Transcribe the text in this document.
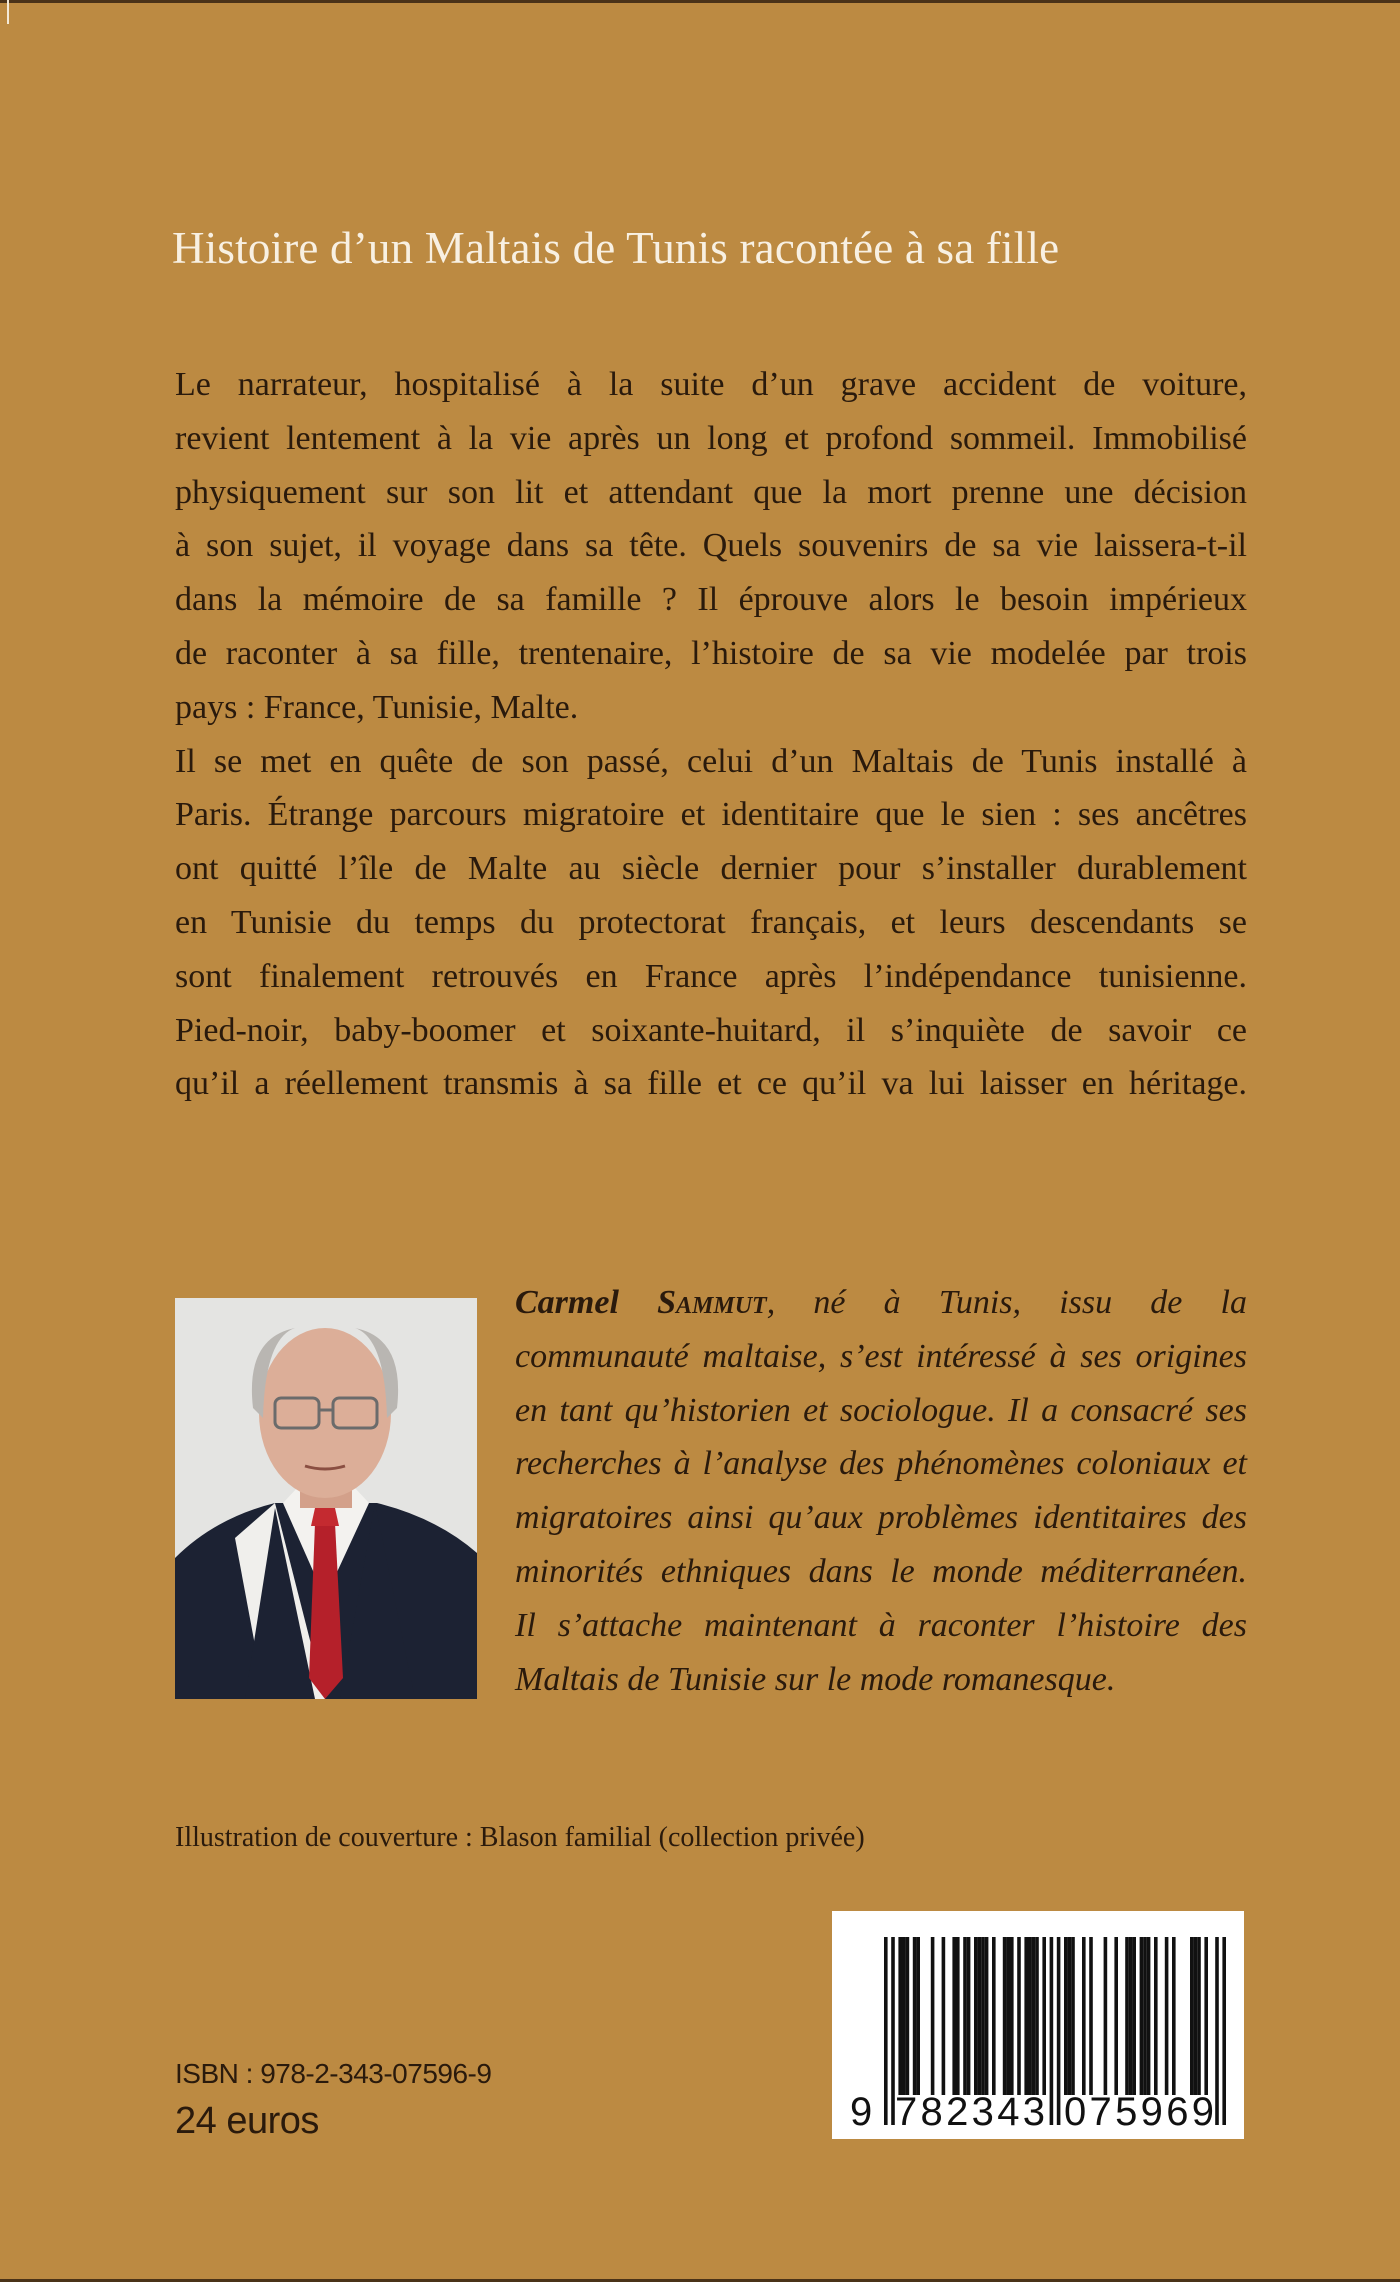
Histoire d’un Maltais de Tunis racontée à sa fille
Le narrateur, hospitalisé à la suite d’un grave accident de voiture,
revient lentement à la vie après un long et profond sommeil. Immobilisé
physiquement sur son lit et attendant que la mort prenne une décision
à son sujet, il voyage dans sa tête. Quels souvenirs de sa vie laissera-t-il
dans la mémoire de sa famille ? Il éprouve alors le besoin impérieux
de raconter à sa fille, trentenaire, l’histoire de sa vie modelée par trois
pays : France, Tunisie, Malte.
Il se met en quête de son passé, celui d’un Maltais de Tunis installé à
Paris. Étrange parcours migratoire et identitaire que le sien : ses ancêtres
ont quitté l’île de Malte au siècle dernier pour s’installer durablement
en Tunisie du temps du protectorat français, et leurs descendants se
sont finalement retrouvés en France après l’indépendance tunisienne.
Pied-noir, baby-boomer et soixante-huitard, il s’inquiète de savoir ce
qu’il a réellement transmis à sa fille et ce qu’il va lui laisser en héritage.
Carmel Sammut, né à Tunis, issu de la
communauté maltaise, s’est intéressé à ses origines
en tant qu’historien et sociologue. Il a consacré ses
recherches à l’analyse des phénomènes coloniaux et
migratoires ainsi qu’aux problèmes identitaires des
minorités ethniques dans le monde méditerranéen.
Il s’attache maintenant à raconter l’histoire des
Maltais de Tunisie sur le mode romanesque.
Illustration de couverture : Blason familial (collection privée)
ISBN : 978-2-343-07596-9
24 euros	9 782343 075969
